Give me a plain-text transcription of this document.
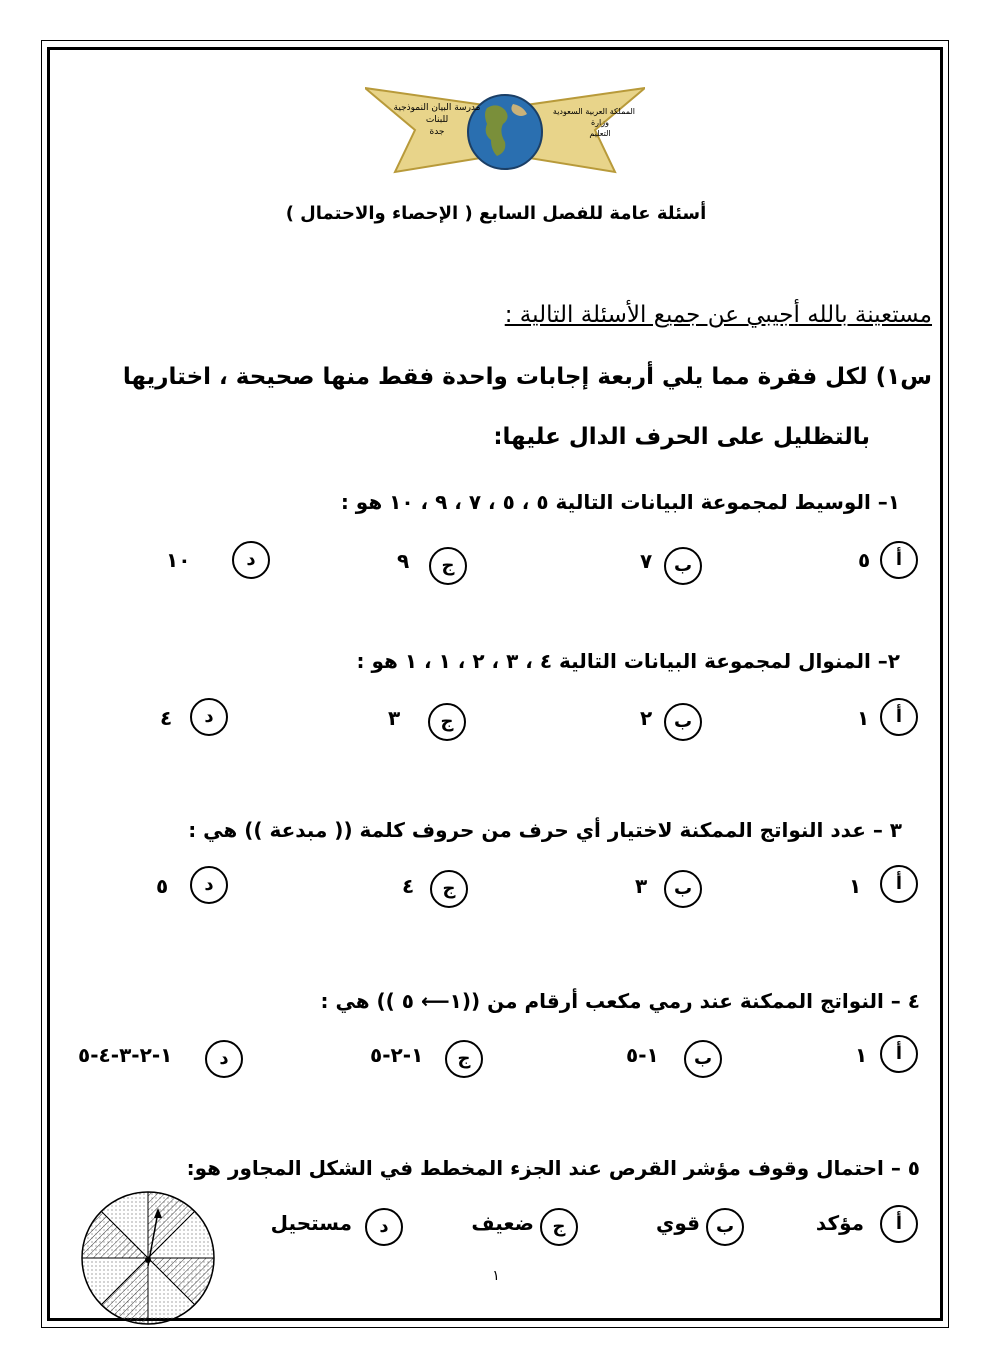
مدرسة البيان النموذجية
للبنات
جدة
المملكة العربية السعودية
وزارة
التعليم
أسئلة عامة للفصل السابع ( الإحصاء والاحتمال )
مستعينة بالله أجيبي عن جميع الأسئلة التالية :
س١) لكل فقرة مما يلي أربعة إجابات واحدة فقط منها صحيحة ، اختاريها
بالتظليل على الحرف الدال عليها:
١– الوسيط لمجموعة البيانات التالية ٥ ، ٥ ، ٧ ، ٩ ، ١٠ هو :
أ
٥
ب
٧
ج
٩
د
١٠
٢– المنوال لمجموعة البيانات التالية ٤ ، ٣ ، ٢ ، ١ ، ١ هو :
أ
١
ب
٢
ج
٣
د
٤
٣ – عدد النواتج الممكنة لاختيار أي حرف من حروف كلمة (( مبدعة )) هي :
أ
١
ب
٣
ج
٤
د
٥
٤ – النواتج الممكنة عند رمي مكعب أرقام من ((١⟵ ٥ )) هي :
أ
١
ب
١-٥
ج
١-٢-٥
د
١-٢-٣-٤-٥
٥ – احتمال وقوف مؤشر القرص عند الجزء المخطط في الشكل المجاور هو:
أ
مؤكد
ب
قوي
ج
ضعيف
د
مستحيل
١
